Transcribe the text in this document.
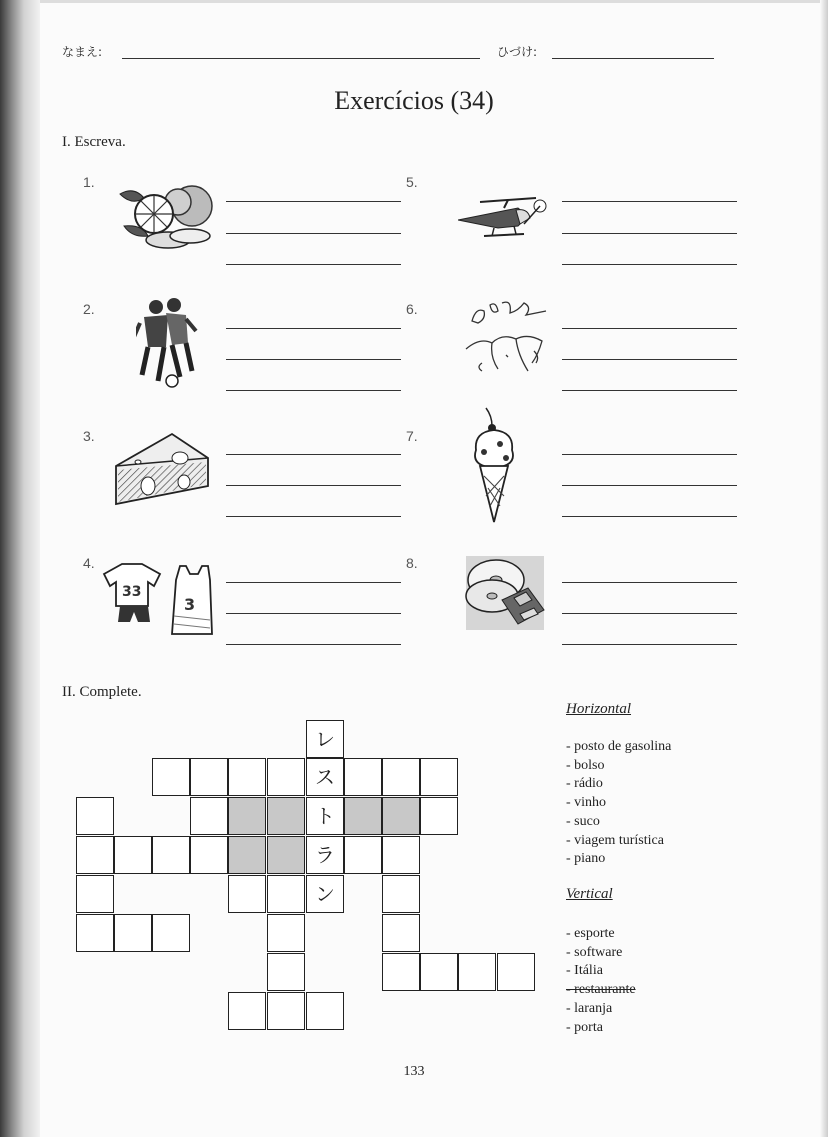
なまえ:	ひづけ:
Exercícios (34)
I. Escreva.
1.
2.
3.
4.
33
3
5.
6.
7.
8.
II. Complete.
レ
ス
ト
ラ
ン
Horizontal
- posto de gasolina
- bolso
- rádio
- vinho
- suco
- viagem turística
- piano
Vertical
- esporte
- software
- Itália
- restaurante
- laranja
- porta
133
